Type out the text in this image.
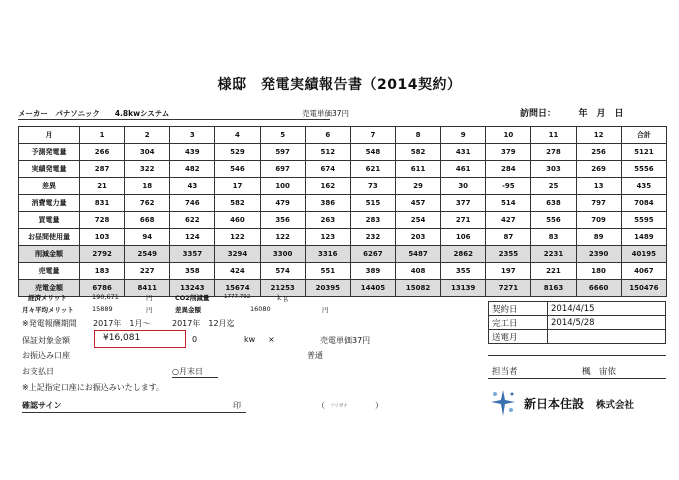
様邸　発電実績報告書（2014契約）
メーカー　パナソニック　　4.8kwシステム	売電単価37円	訪問日：　　　年　月　日
月	1	2	3	4	5	6	7	8	9	10	11	12	合計
予測発電量	266	304	439	529	597	512	548	582	431	379	278	256	5121
実績発電量	287	322	482	546	697	674	621	611	461	284	303	269	5556
差異	21	18	43	17	100	162	73	29	30	-95	25	13	435
消費電力量	831	762	746	582	479	386	515	457	377	514	638	797	7084
買電量	728	668	622	460	356	263	283	254	271	427	556	709	5595
お昼間使用量	103	94	124	122	122	123	232	203	106	87	83	89	1489
削減金額	2792	2549	3357	3294	3300	3316	6267	5487	2862	2355	2231	2390	40195
売電量	183	227	358	424	574	551	389	408	355	197	221	180	4067
売電金額	6786	8411	13243	15674	21253	20395	14405	15082	13139	7271	8163	6660	150476
経済メリット	190,671	円	CO2削減量	1777.792	ｋｇ
月々平均メリット	15889	円	差異金額	16080	円
※発電報酬期間 2017年　1月～	2017年　12月迄
保証対象金額	¥16,081	0	kw ×	売電単価37円
お振込み口座	普通
お支払日	○月末日
※上記指定口座にお振込みいたします。
確認サイン	印	（ フリガナ	）
契約日	2014/4/15
完工日	2014/5/28
送電月	
担当者	楓　宙依
新日本住設 株式会社
